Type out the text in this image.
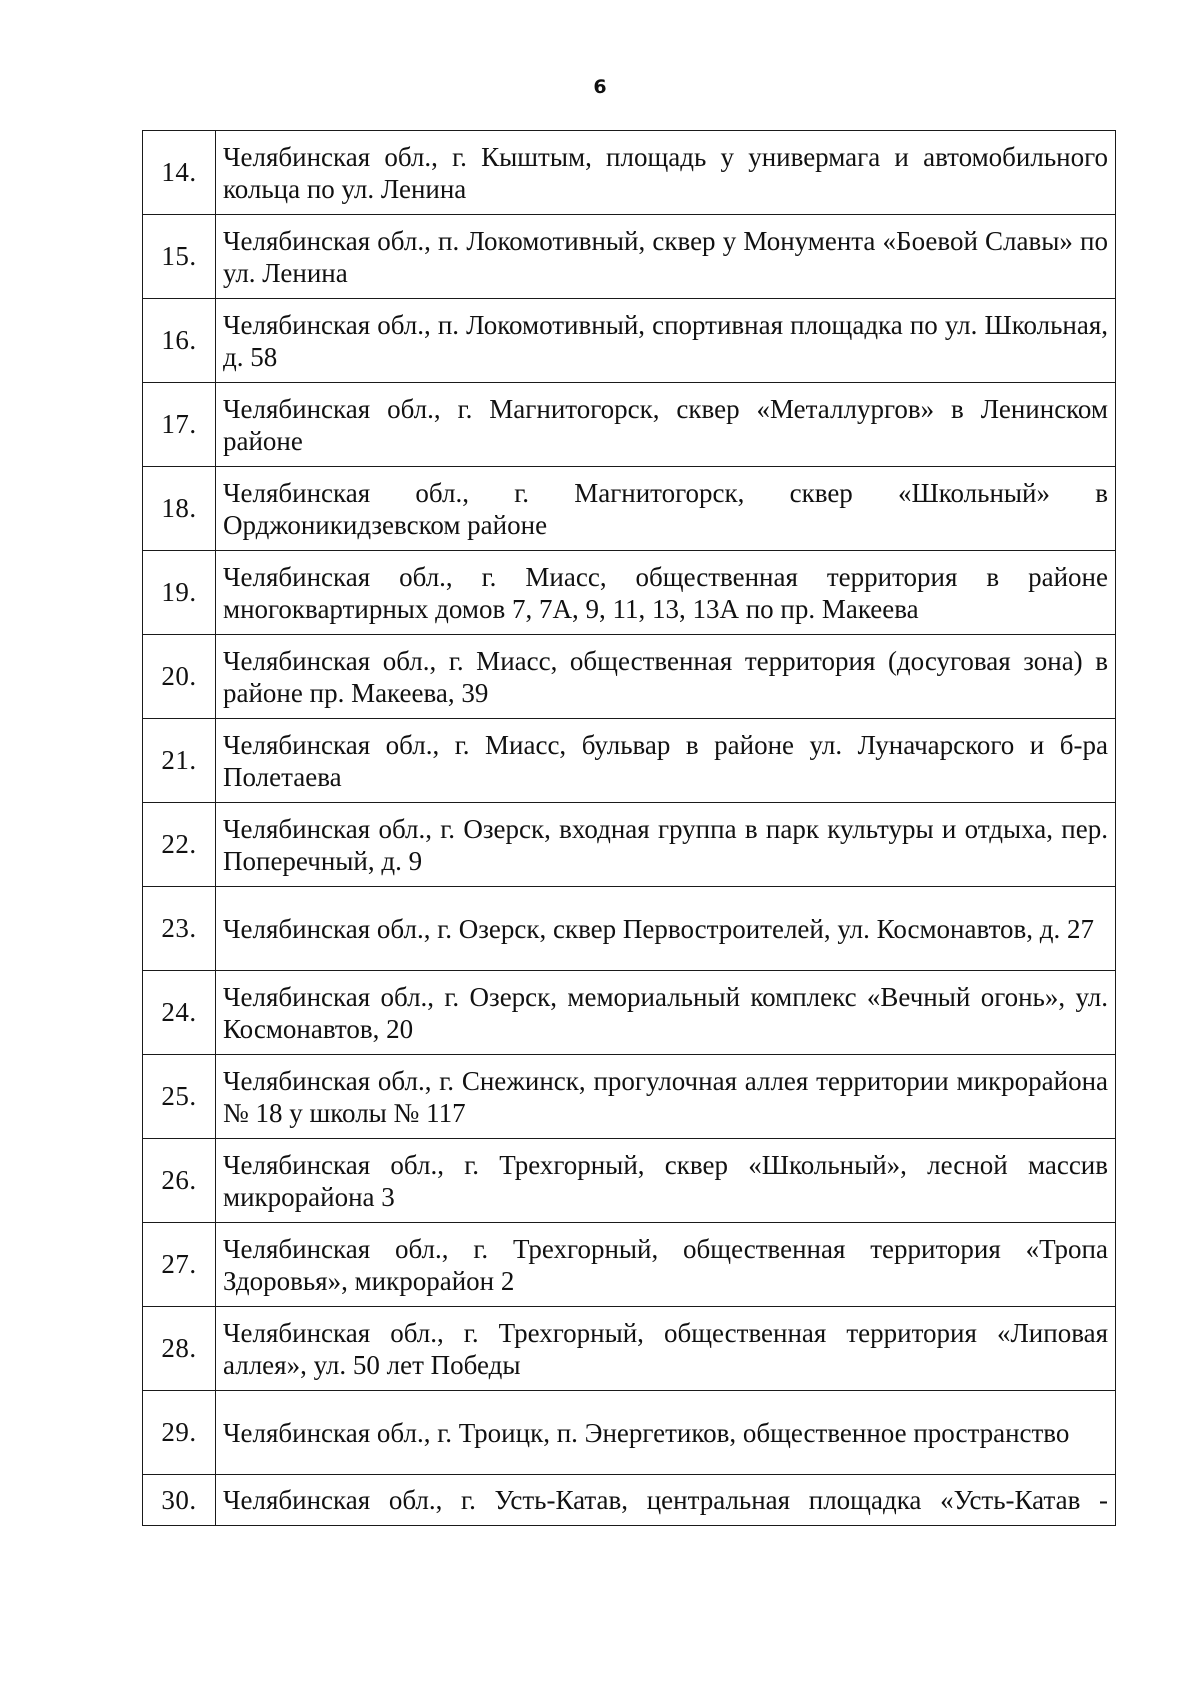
6
14.	Челябинская обл., г. Кыштым, площадь у универмага и автомобильного кольца по ул. Ленина

15.	Челябинская обл., п. Локомотивный, сквер у Монумента «Боевой Славы» по ул. Ленина

16.	Челябинская обл., п. Локомотивный, спортивная площадка по ул. Школьная, д. 58

17.	Челябинская обл., г. Магнитогорск, сквер «Металлургов» в Ленинском районе

18.	Челябинская обл., г. Магнитогорск, сквер «Школьный» в Орджоникидзевском районе

19.	Челябинская обл., г. Миасс, общественная территория в районе многоквартирных домов 7, 7А, 9, 11, 13, 13А по пр. Макеева

20.	Челябинская обл., г. Миасс, общественная территория (досуговая зона) в районе пр. Макеева, 39

21.	Челябинская обл., г. Миасс, бульвар в районе ул. Луначарского и б-ра Полетаева

22.	Челябинская обл., г. Озерск, входная группа в парк культуры и отдыха, пер. Поперечный, д. 9

23.	Челябинская обл., г. Озерск, сквер Первостроителей, ул. Космонавтов, д. 27

24.	Челябинская обл., г. Озерск, мемориальный комплекс «Вечный огонь», ул. Космонавтов, 20

25.	Челябинская обл., г. Снежинск, прогулочная аллея территории микрорайона № 18 у школы № 117

26.	Челябинская обл., г. Трехгорный, сквер «Школьный», лесной массив микрорайона 3

27.	Челябинская обл., г. Трехгорный, общественная территория «Тропа Здоровья», микрорайон 2

28.	Челябинская обл., г. Трехгорный, общественная территория «Липовая аллея», ул. 50 лет Победы

29.	Челябинская обл., г. Троицк, п. Энергетиков, общественное пространство

30.	Челябинская обл., г. Усть-Катав, центральная площадка «Усть-Катав -
